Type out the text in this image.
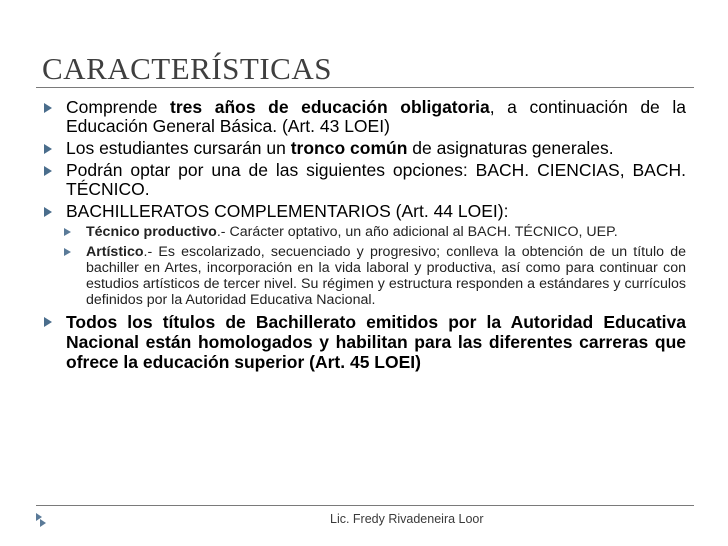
CARACTERÍSTICAS
Comprende tres años de educación obligatoria, a continuación de la Educación General Básica. (Art. 43 LOEI)
Los estudiantes cursarán un tronco común de asignaturas generales.
Podrán optar por una de las siguientes opciones: BACH. CIENCIAS, BACH. TÉCNICO.
BACHILLERATOS COMPLEMENTARIOS (Art. 44 LOEI):
Técnico productivo.- Carácter optativo, un año adicional al BACH. TÉCNICO, UEP.
Artístico.- Es escolarizado, secuenciado y progresivo; conlleva la obtención de un título de bachiller en Artes, incorporación en la vida laboral y productiva, así como para continuar con estudios artísticos de tercer nivel. Su régimen y estructura responden a estándares y currículos definidos por la Autoridad Educativa Nacional.
Todos los títulos de Bachillerato emitidos por la Autoridad Educativa Nacional están homologados y habilitan para las diferentes carreras que ofrece la educación superior (Art. 45 LOEI)
Lic. Fredy Rivadeneira Loor
